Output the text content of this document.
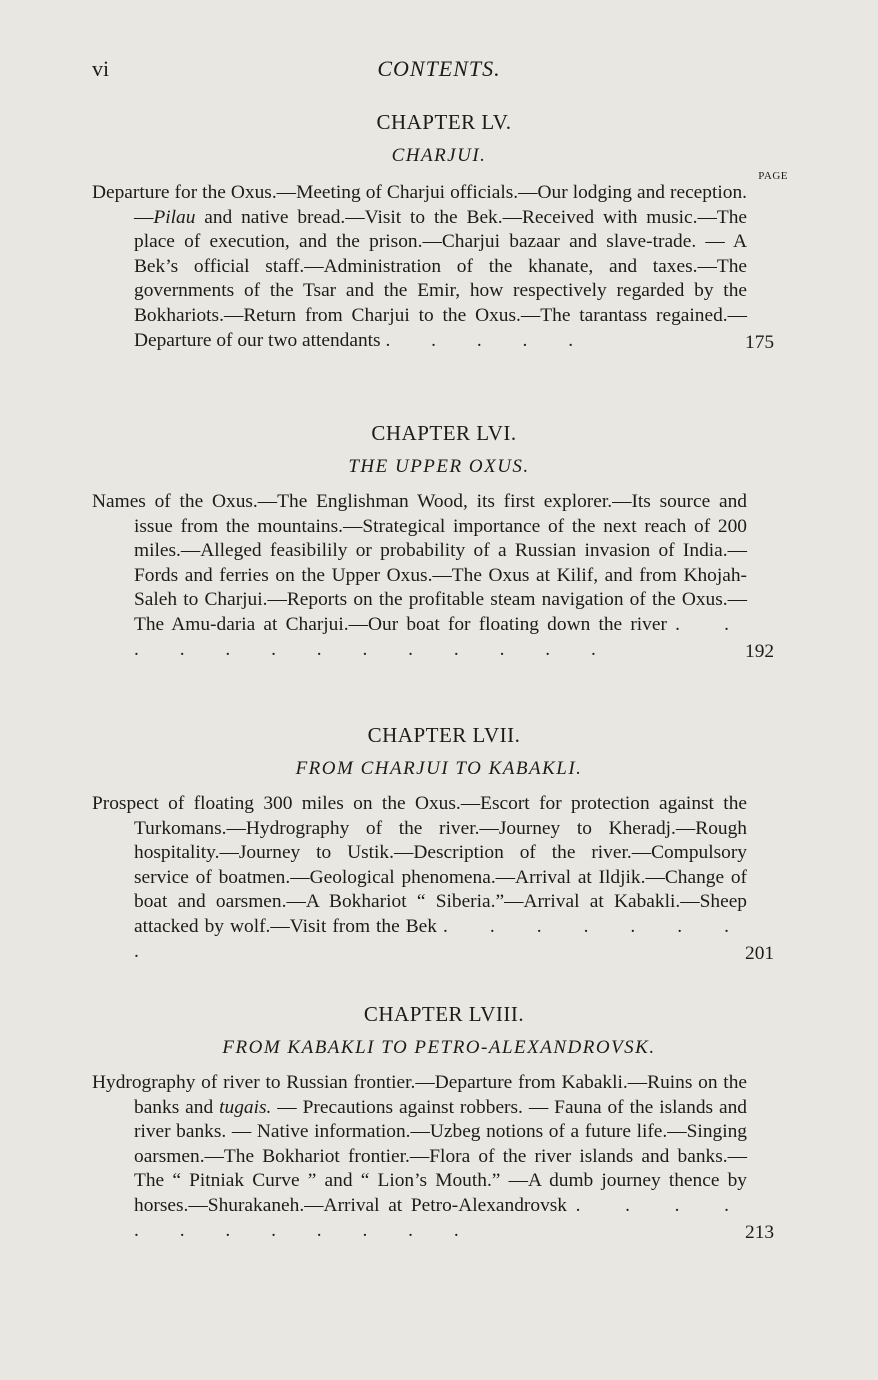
vi	CONTENTS.
CHAPTER LV.
CHARJUI.
PAGE
Departure for the Oxus.—Meeting of Charjui officials.—Our lodging and reception.—Pilau and native bread.—Visit to the Bek.—Received with music.—The place of execution, and the prison.—Charjui bazaar and slave-trade. — A Bek’s official staff.—Administration of the khanate, and taxes.—The governments of the Tsar and the Emir, how respectively regarded by the Bokhariots.—Return from Charjui to the Oxus.—The tarantass regained.—Departure of our two attendants . . . . .	175
CHAPTER LVI.
THE UPPER OXUS.
Names of the Oxus.—The Englishman Wood, its first explorer.—Its source and issue from the mountains.—Strategical importance of the next reach of 200 miles.—Alleged feasibilily or probability of a Russian invasion of India.—Fords and ferries on the Upper Oxus.—The Oxus at Kilif, and from Khojah-Saleh to Charjui.—Reports on the profitable steam navigation of the Oxus.—The Amu-daria at Charjui.—Our boat for floating down the river . . . . . . . . . . . . .	192
CHAPTER LVII.
FROM CHARJUI TO KABAKLI.
Prospect of floating 300 miles on the Oxus.—Escort for protection against the Turkomans.—Hydrography of the river.—Journey to Kheradj.—Rough hospitality.—Journey to Ustik.—Description of the river.—Compulsory service of boatmen.—Geological phenomena.—Arrival at Ildjik.—Change of boat and oarsmen.—A Bokhariot “ Siberia.”—Arrival at Kabakli.—Sheep attacked by wolf.—Visit from the Bek . . . . . . . .	201
CHAPTER LVIII.
FROM KABAKLI TO PETRO-ALEXANDROVSK.
Hydrography of river to Russian frontier.—Departure from Kabakli.—Ruins on the banks and tugais. — Precautions against robbers. — Fauna of the islands and river banks. — Native information.—Uzbeg notions of a future life.—Singing oarsmen.—The Bokhariot frontier.—Flora of the river islands and banks.—The “ Pitniak Curve ” and “ Lion’s Mouth.” —A dumb journey thence by horses.—Shurakaneh.—Arrival at Petro-Alexandrovsk . . . . . . . . . . . .	213
